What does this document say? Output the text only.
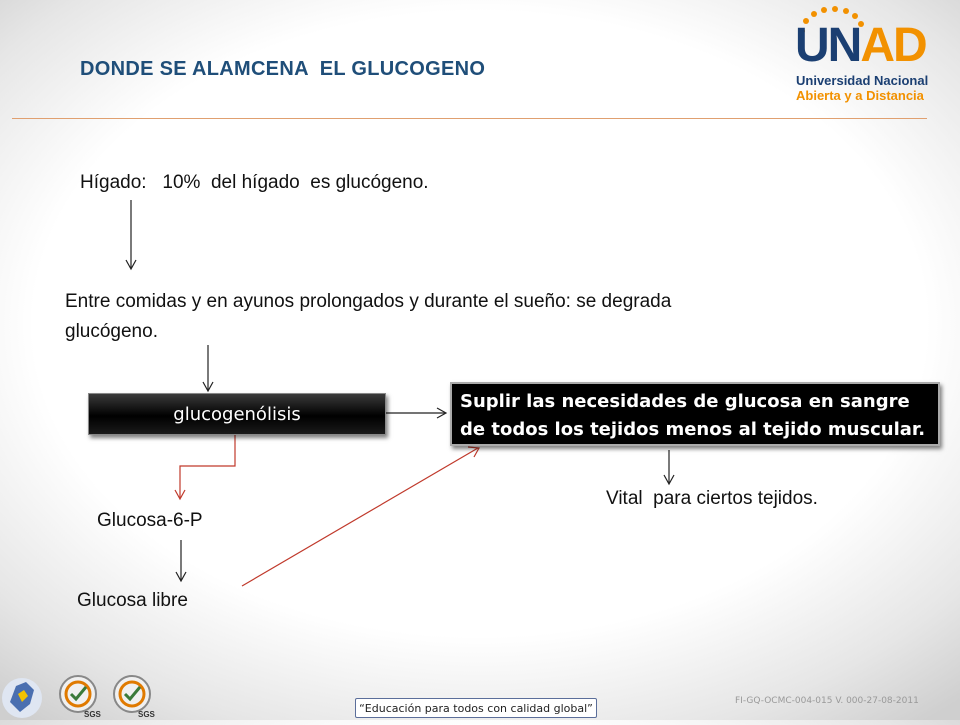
DONDE SE ALAMCENA  EL GLUCOGENO	UNAD
Universidad Nacional
Abierta y a Distancia
Hígado:   10%  del hígado  es glucógeno.
Entre comidas y en ayunos prolongados y durante el sueño: se degrada glucógeno.
glucogenólisis
Suplir las necesidades de glucosa en sangre de todos los tejidos menos al tejido muscular.
Vital  para ciertos tejidos.
Glucosa-6-P
Glucosa libre
SGS	SGS	“Educación para todos con calidad global”
FI-GQ-OCMC-004-015 V. 000-27-08-2011
